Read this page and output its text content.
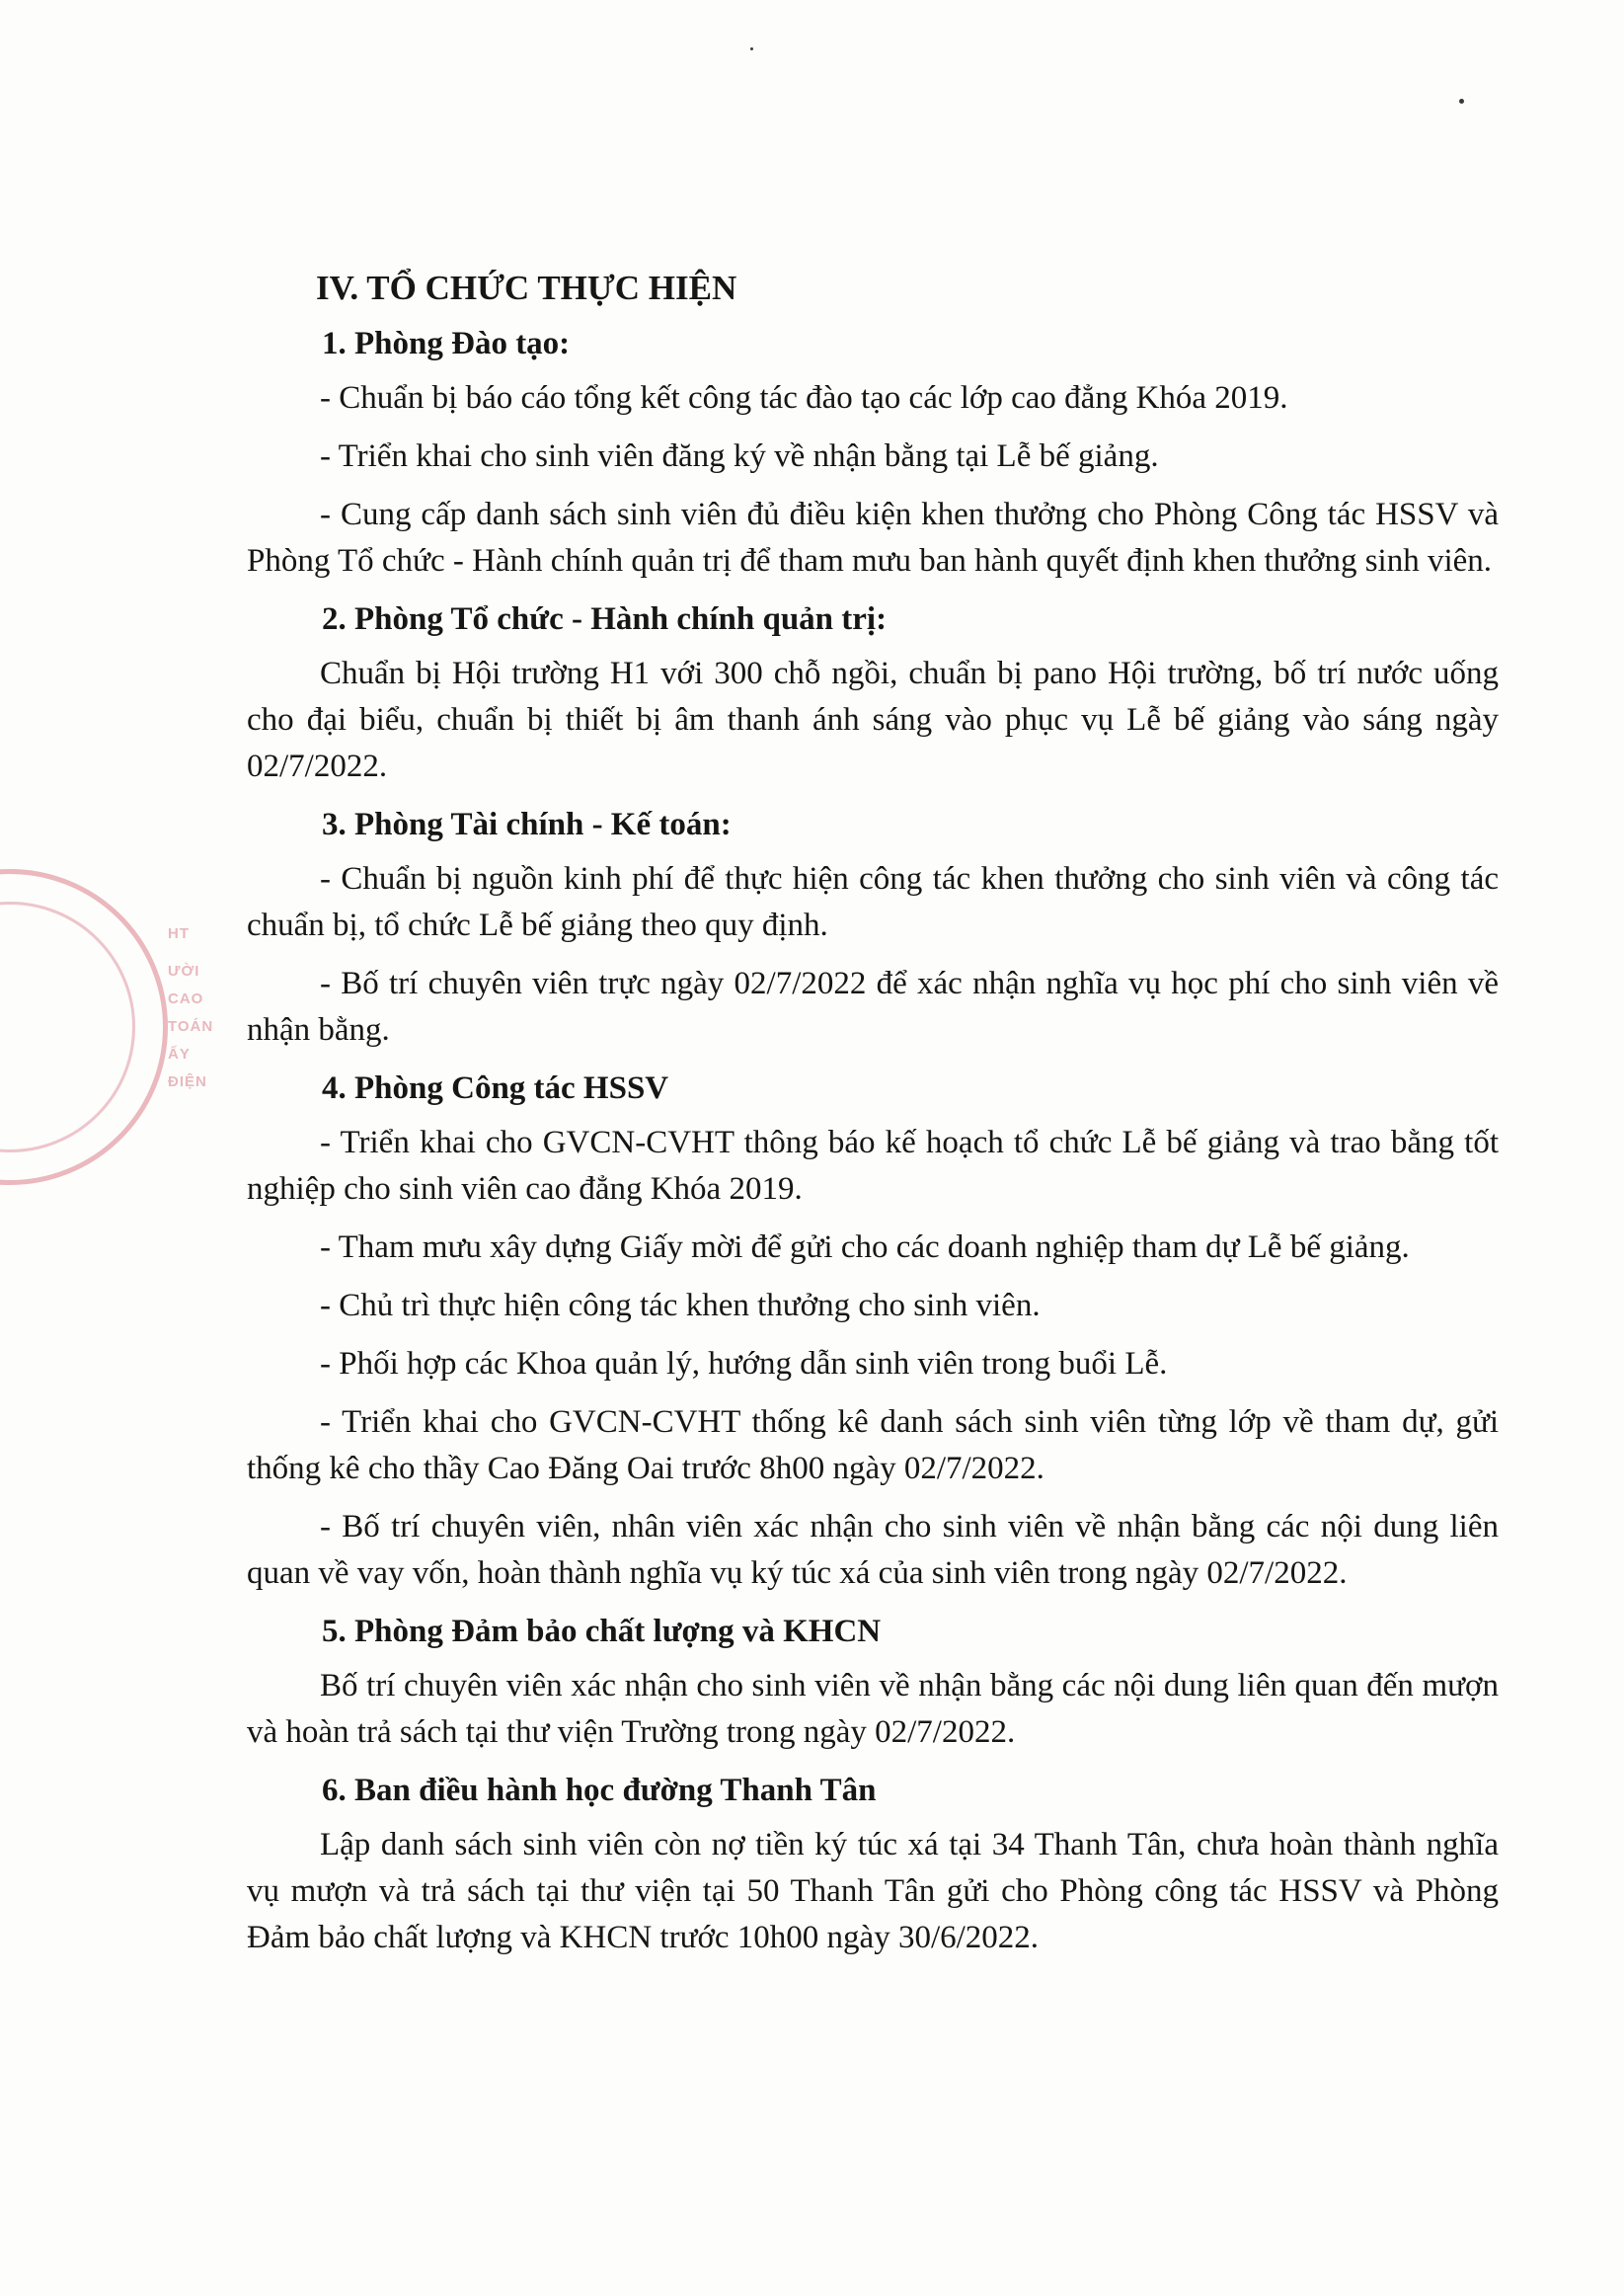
HT
ƯỜI
CAO
TOÁN
ẤY
ĐIỆN
IV. TỔ CHỨC THỰC HIỆN
1. Phòng Đào tạo:

- Chuẩn bị báo cáo tổng kết công tác đào tạo các lớp cao đẳng Khóa 2019.

- Triển khai cho sinh viên đăng ký về nhận bằng tại Lễ bế giảng.

- Cung cấp danh sách sinh viên đủ điều kiện khen thưởng cho Phòng Công tác HSSV và Phòng Tổ chức - Hành chính quản trị để tham mưu ban hành quyết định khen thưởng sinh viên.

2. Phòng Tổ chức - Hành chính quản trị:

Chuẩn bị Hội trường H1 với 300 chỗ ngồi, chuẩn bị pano Hội trường, bố trí nước uống cho đại biểu, chuẩn bị thiết bị âm thanh ánh sáng vào phục vụ Lễ bế giảng vào sáng ngày 02/7/2022.

3. Phòng Tài chính - Kế toán:

- Chuẩn bị nguồn kinh phí để thực hiện công tác khen thưởng cho sinh viên và công tác chuẩn bị, tổ chức Lễ bế giảng theo quy định.

- Bố trí chuyên viên trực ngày 02/7/2022 để xác nhận nghĩa vụ học phí cho sinh viên về nhận bằng.

4. Phòng Công tác HSSV

- Triển khai cho GVCN-CVHT thông báo kế hoạch tổ chức Lễ bế giảng và trao bằng tốt nghiệp cho sinh viên cao đẳng Khóa 2019.

- Tham mưu xây dựng Giấy mời để gửi cho các doanh nghiệp tham dự Lễ bế giảng.

- Chủ trì thực hiện công tác khen thưởng cho sinh viên.

- Phối hợp các Khoa quản lý, hướng dẫn sinh viên trong buổi Lễ.

- Triển khai cho GVCN-CVHT thống kê danh sách sinh viên từng lớp về tham dự, gửi thống kê cho thầy Cao Đăng Oai trước 8h00 ngày 02/7/2022.

- Bố trí chuyên viên, nhân viên xác nhận cho sinh viên về nhận bằng các nội dung liên quan về vay vốn, hoàn thành nghĩa vụ ký túc xá của sinh viên trong ngày 02/7/2022.

5. Phòng Đảm bảo chất lượng và KHCN

Bố trí chuyên viên xác nhận cho sinh viên về nhận bằng các nội dung liên quan đến mượn và hoàn trả sách tại thư viện Trường trong ngày 02/7/2022.

6. Ban điều hành học đường Thanh Tân

Lập danh sách sinh viên còn nợ tiền ký túc xá tại 34 Thanh Tân, chưa hoàn thành nghĩa vụ mượn và trả sách tại thư viện tại 50 Thanh Tân gửi cho Phòng công tác HSSV và Phòng Đảm bảo chất lượng và KHCN trước 10h00 ngày 30/6/2022.
